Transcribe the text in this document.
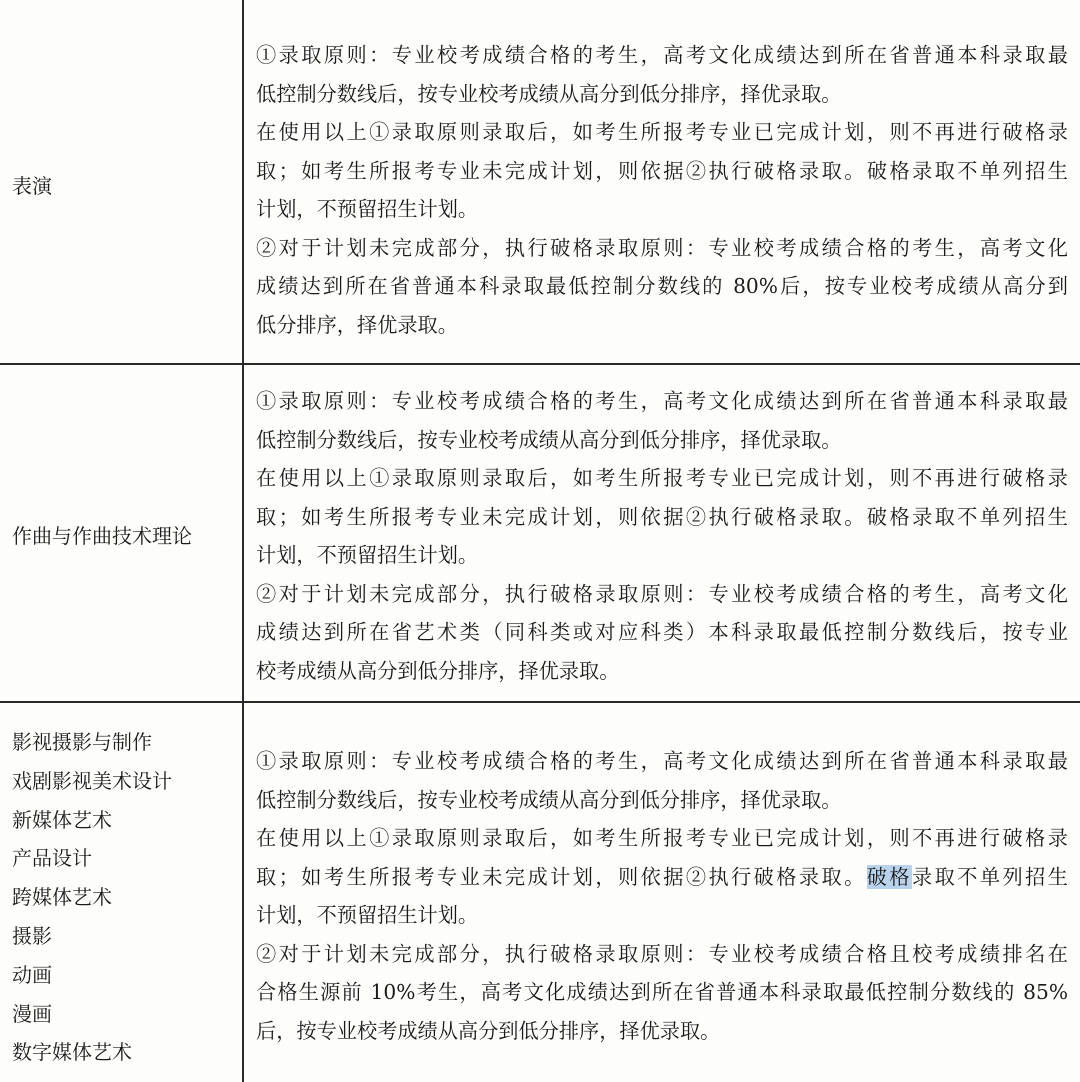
表演
①录取原则：专业校考成绩合格的考生，高考文化成绩达到所在省普通本科录取最
低控制分数线后，按专业校考成绩从高分到低分排序，择优录取。
在使用以上①录取原则录取后，如考生所报考专业已完成计划，则不再进行破格录
取；如考生所报考专业未完成计划，则依据②执行破格录取。破格录取不单列招生
计划，不预留招生计划。
②对于计划未完成部分，执行破格录取原则：专业校考成绩合格的考生，高考文化
成绩达到所在省普通本科录取最低控制分数线的 80%后，按专业校考成绩从高分到
低分排序，择优录取。
作曲与作曲技术理论
①录取原则：专业校考成绩合格的考生，高考文化成绩达到所在省普通本科录取最
低控制分数线后，按专业校考成绩从高分到低分排序，择优录取。
在使用以上①录取原则录取后，如考生所报考专业已完成计划，则不再进行破格录
取；如考生所报考专业未完成计划，则依据②执行破格录取。破格录取不单列招生
计划，不预留招生计划。
②对于计划未完成部分，执行破格录取原则：专业校考成绩合格的考生，高考文化
成绩达到所在省艺术类（同科类或对应科类）本科录取最低控制分数线后，按专业
校考成绩从高分到低分排序，择优录取。
影视摄影与制作
戏剧影视美术设计
新媒体艺术
产品设计
跨媒体艺术
摄影
动画
漫画
数字媒体艺术
①录取原则：专业校考成绩合格的考生，高考文化成绩达到所在省普通本科录取最
低控制分数线后，按专业校考成绩从高分到低分排序，择优录取。
在使用以上①录取原则录取后，如考生所报考专业已完成计划，则不再进行破格录
取；如考生所报考专业未完成计划，则依据②执行破格录取。破格录取不单列招生
计划，不预留招生计划。
②对于计划未完成部分，执行破格录取原则：专业校考成绩合格且校考成绩排名在
合格生源前 10%考生，高考文化成绩达到所在省普通本科录取最低控制分数线的 85%
后，按专业校考成绩从高分到低分排序，择优录取。
